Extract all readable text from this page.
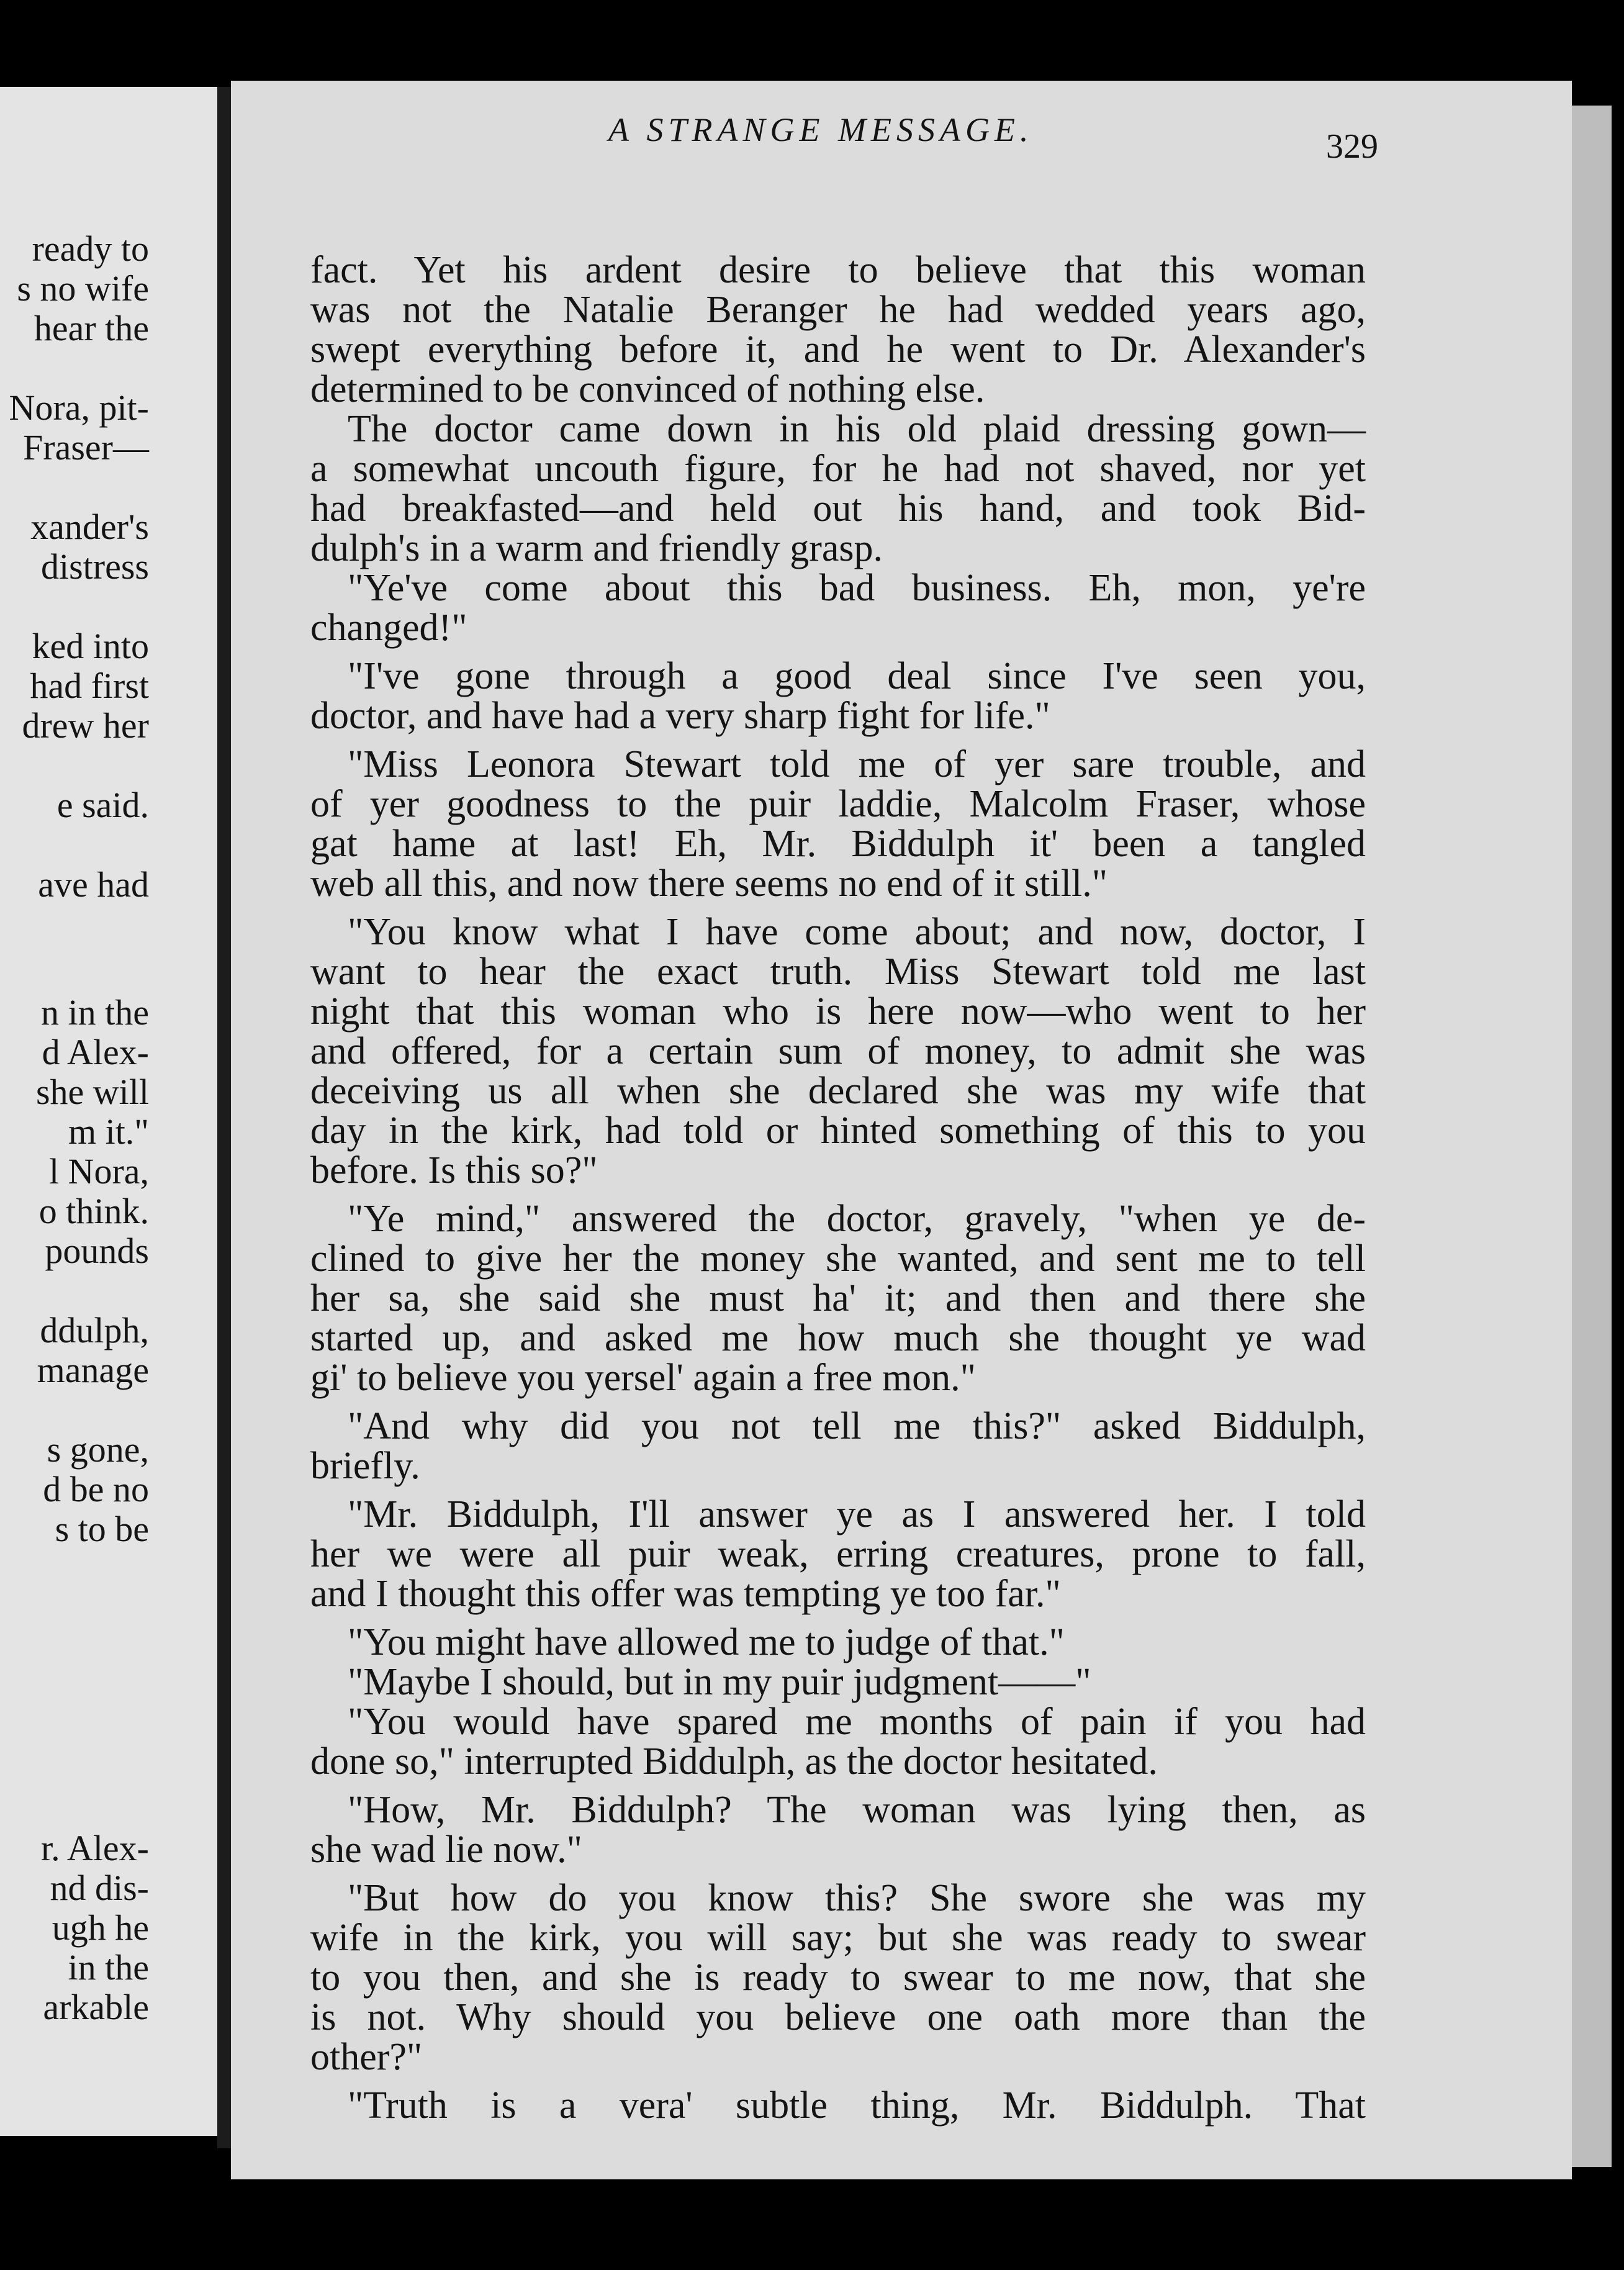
ready to
s no wife
hear the
Nora, pit-
Fraser—
xander's
distress
ked into
had first
drew her
e said.
ave had
n in the
d Alex-
she will
m it."
l Nora,
o think.
pounds
ddulph,
manage
s gone,
d be no
s to be
r. Alex-
nd dis-
ugh he
in the
arkable
A STRANGE MESSAGE.	329
fact. Yet his ardent desire to believe that this woman
was not the Natalie Beranger he had wedded years ago,
swept everything before it, and he went to Dr. Alexander's
determined to be convinced of nothing else.
The doctor came down in his old plaid dressing gown—
a somewhat uncouth figure, for he had not shaved, nor yet
had breakfasted—and held out his hand, and took Bid-
dulph's in a warm and friendly grasp.
"Ye've come about this bad business. Eh, mon, ye're
changed!"
"I've gone through a good deal since I've seen you,
doctor, and have had a very sharp fight for life."
"Miss Leonora Stewart told me of yer sare trouble, and
of yer goodness to the puir laddie, Malcolm Fraser, whose
gat hame at last! Eh, Mr. Biddulph it' been a tangled
web all this, and now there seems no end of it still."
"You know what I have come about; and now, doctor, I
want to hear the exact truth. Miss Stewart told me last
night that this woman who is here now—who went to her
and offered, for a certain sum of money, to admit she was
deceiving us all when she declared she was my wife that
day in the kirk, had told or hinted something of this to you
before. Is this so?"
"Ye mind," answered the doctor, gravely, "when ye de-
clined to give her the money she wanted, and sent me to tell
her sa, she said she must ha' it; and then and there she
started up, and asked me how much she thought ye wad
gi' to believe you yersel' again a free mon."
"And why did you not tell me this?" asked Biddulph,
briefly.
"Mr. Biddulph, I'll answer ye as I answered her. I told
her we were all puir weak, erring creatures, prone to fall,
and I thought this offer was tempting ye too far."
"You might have allowed me to judge of that."
"Maybe I should, but in my puir judgment——"
"You would have spared me months of pain if you had
done so," interrupted Biddulph, as the doctor hesitated.
"How, Mr. Biddulph? The woman was lying then, as
she wad lie now."
"But how do you know this? She swore she was my
wife in the kirk, you will say; but she was ready to swear
to you then, and she is ready to swear to me now, that she
is not. Why should you believe one oath more than the
other?"
"Truth is a vera' subtle thing, Mr. Biddulph. That
